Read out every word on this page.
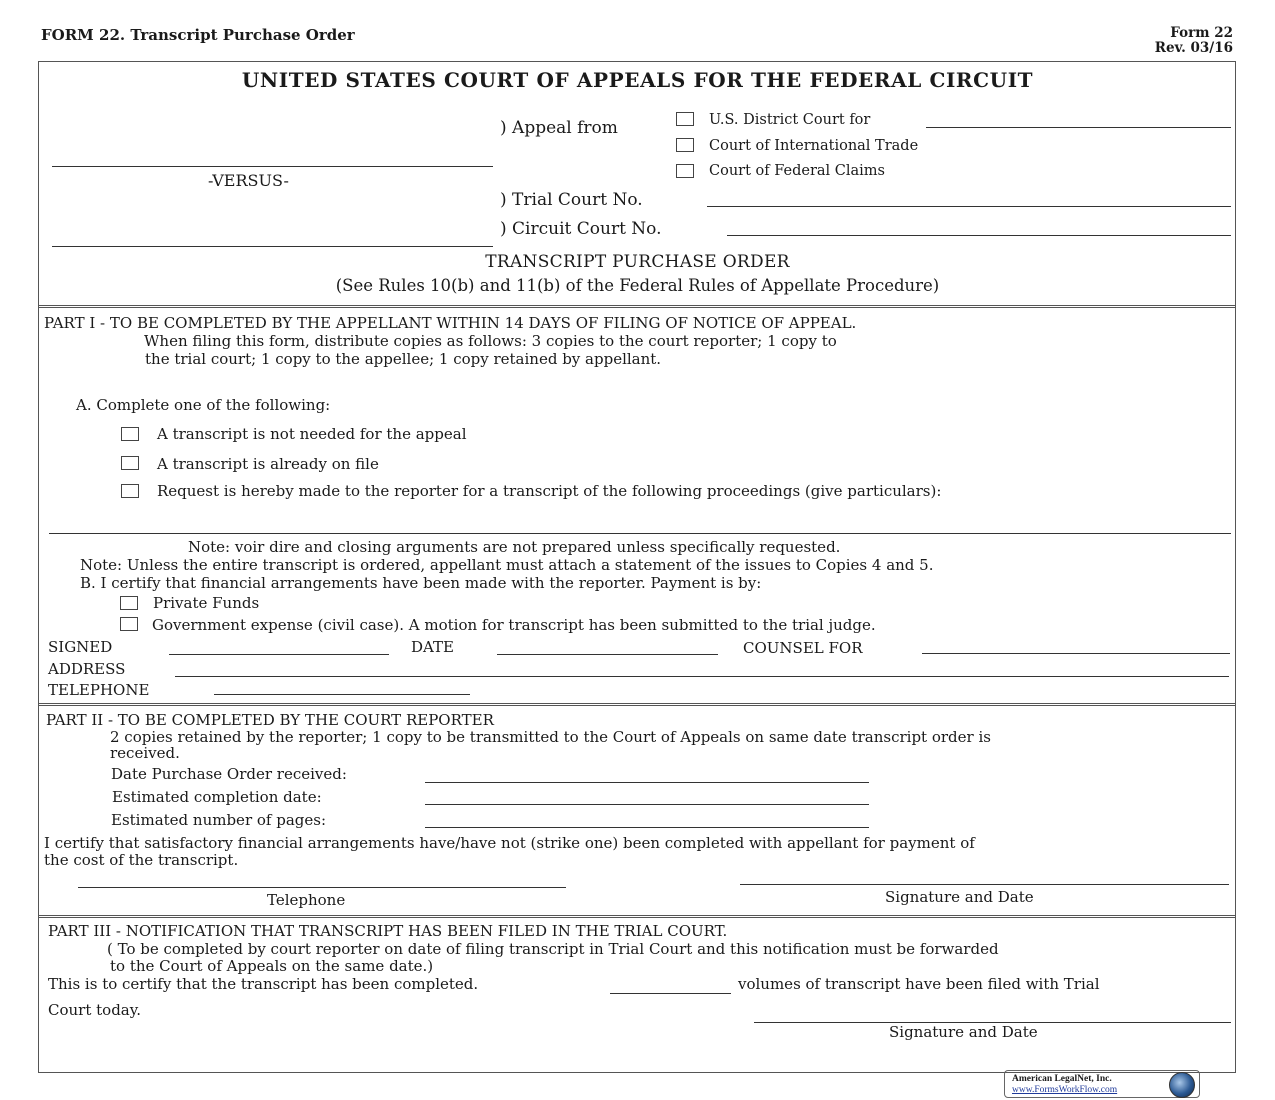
FORM 22. Transcript Purchase Order	Form 22
Rev. 03/16
UNITED STATES COURT OF APPEALS FOR THE FEDERAL CIRCUIT
-VERSUS-
) Appeal from	U.S. District Court for
Court of International Trade
Court of Federal Claims
) Trial Court No.
) Circuit Court No.
TRANSCRIPT PURCHASE ORDER
(See Rules 10(b) and 11(b) of the Federal Rules of Appellate Procedure)
PART I - TO BE COMPLETED BY THE APPELLANT WITHIN 14 DAYS OF FILING OF NOTICE OF APPEAL.
When filing this form, distribute copies as follows: 3 copies to the court reporter; 1 copy to
the trial court; 1 copy to the appellee; 1 copy retained by appellant.
A. Complete one of the following:
A transcript is not needed for the appeal
A transcript is already on file
Request is hereby made to the reporter for a transcript of the following proceedings (give particulars):
Note: voir dire and closing arguments are not prepared unless specifically requested.
Note: Unless the entire transcript is ordered, appellant must attach a statement of the issues to Copies 4 and 5.
B. I certify that financial arrangements have been made with the reporter. Payment is by:
Private Funds
Government expense (civil case). A motion for transcript has been submitted to the trial judge.
SIGNED	DATE	COUNSEL FOR
ADDRESS
TELEPHONE
PART II - TO BE COMPLETED BY THE COURT REPORTER
2 copies retained by the reporter; 1 copy to be transmitted to the Court of Appeals on same date transcript order is
received.
Date Purchase Order received:
Estimated completion date:
Estimated number of pages:
I certify that satisfactory financial arrangements have/have not (strike one) been completed with appellant for payment of
the cost of the transcript.
Telephone	Signature and Date
PART III - NOTIFICATION THAT TRANSCRIPT HAS BEEN FILED IN THE TRIAL COURT.
( To be completed by court reporter on date of filing transcript in Trial Court and this notification must be forwarded
to the Court of Appeals on the same date.)
This is to certify that the transcript has been completed.	volumes of transcript have been filed with Trial
Court today.
Signature and Date
American LegalNet, Inc.
www.FormsWorkFlow.com
